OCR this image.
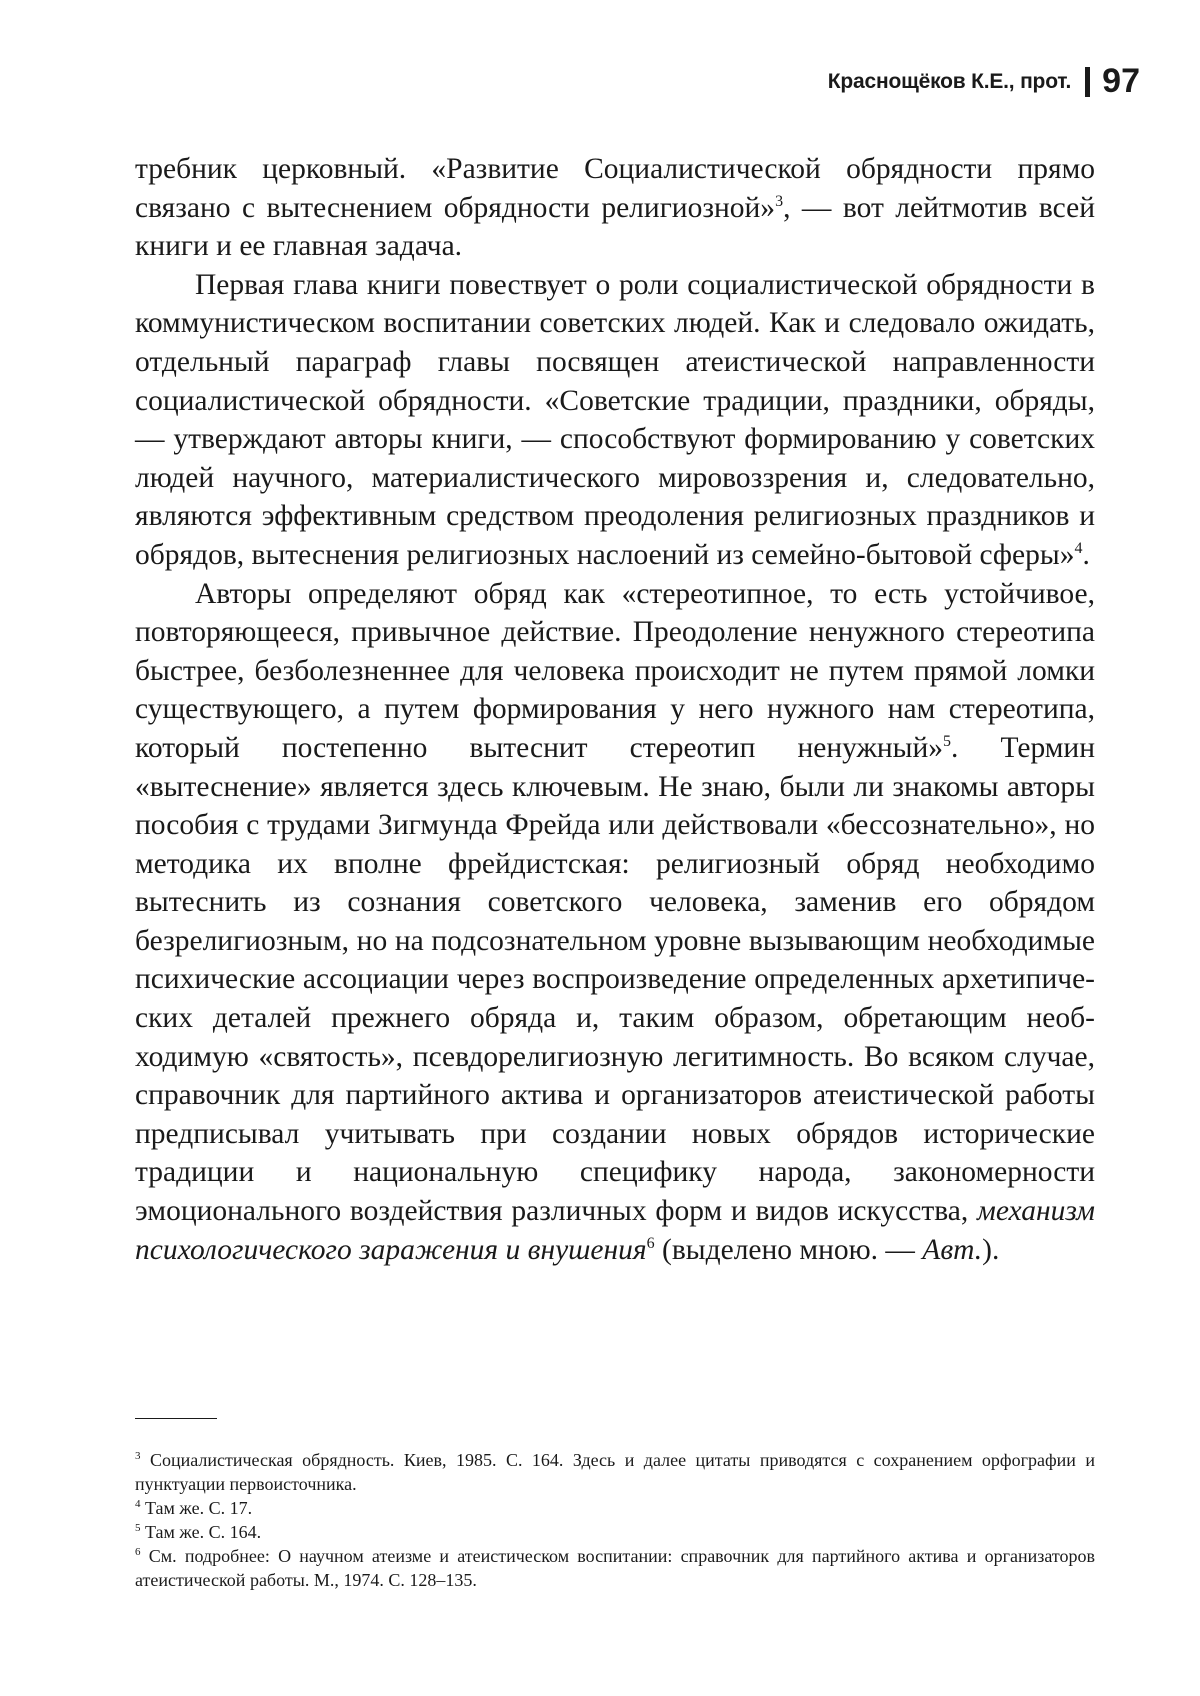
Краснощёков К.Е., прот. 97

требник церковный. «Развитие Социалистической обрядности прямо связано с вытеснением обрядности религиозной»$^3$, — вот лейтмотив всей книги и ее главная задача.

Первая глава книги повествует о роли социалистической обрядности в коммунистическом воспитании советских людей. Как и следовало ожидать, отдельный параграф главы посвящен атеистической направленности социалистической обрядности. «Советские традиции, праздники, обряды, — утверждают авторы книги, — способствуют формированию у советских людей научного, материалистического мировоззрения и, следовательно, являются эффективным средством преодоления религиозных праздников и обрядов, вытеснения религиозных наслоений из семейно-бытовой сферы»$^4$.

Авторы определяют обряд как «стереотипное, то есть устойчивое, повторяющееся, привычное действие. Преодоление ненужного стереотипа быстрее, безболезненнее для человека происходит не путем прямой ломки существующего, а путем формирования у него нужного нам стереотипа, который постепенно вытеснит стереотип ненужный»$^5$. Термин «вытеснение» является здесь ключевым. Не знаю, были ли знакомы авторы пособия с трудами Зигмунда Фрейда или действовали «бессознательно», но методика их вполне фрейдистская: религиозный обряд необходимо вытеснить из сознания советского человека, заменив его обрядом безрелигиозным, но на подсознательном уровне вызывающим необходимые психические ассоциации через воспроизведение определенных архетипических деталей прежнего обряда и, таким образом, обретающим необходимую «святость», псевдорелигиозную легитимность. Во всяком случае, справочник для партийного актива и организаторов атеистической работы предписывал учитывать при создании новых обрядов исторические традиции и национальную специфику народа, закономерности эмоционального воздействия различных форм и видов искусства, механизм психологического заражения и внушения$^6$ (выделено мною. — Авт.).

$^3$ Социалистическая обрядность. Киев, 1985. С. 164. Здесь и далее цитаты приводятся с сохранением орфографии и пунктуации первоисточника.

$^4$ Там же. С. 17.

$^5$ Там же. С. 164.

$^6$ См. подробнее: О научном атеизме и атеистическом воспитании: справочник для партийного актива и организаторов атеистической работы. М., 1974. С. 128–135.
